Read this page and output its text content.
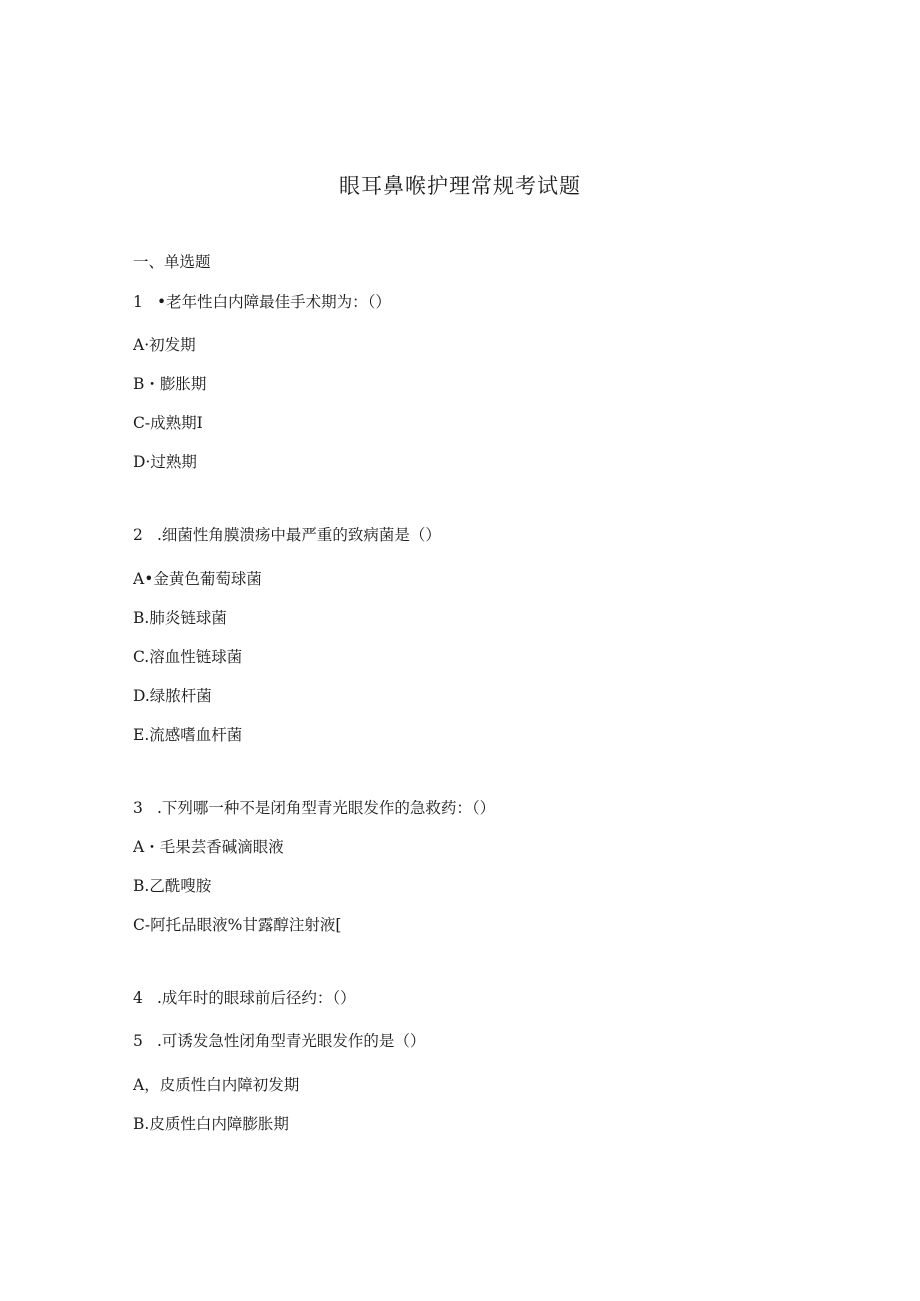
眼耳鼻喉护理常规考试题
一、单选题
1 •老年性白内障最佳手术期为：（）
A·初发期
B・膨胀期
C-成熟期I
D·过熟期
2 .细菌性角膜溃疡中最严重的致病菌是（）
A•金黄色葡萄球菌
B.肺炎链球菌
C.溶血性链球菌
D.绿脓杆菌
E.流感嗜血杆菌
3 .下列哪一种不是闭角型青光眼发作的急救药：（）
A・毛果芸香碱滴眼液
B.乙酰嗖胺
C-阿托品眼液%甘露醇注射液[
4 .成年时的眼球前后径约：（）
5 .可诱发急性闭角型青光眼发作的是（）
A，皮质性白内障初发期
B.皮质性白内障膨胀期
